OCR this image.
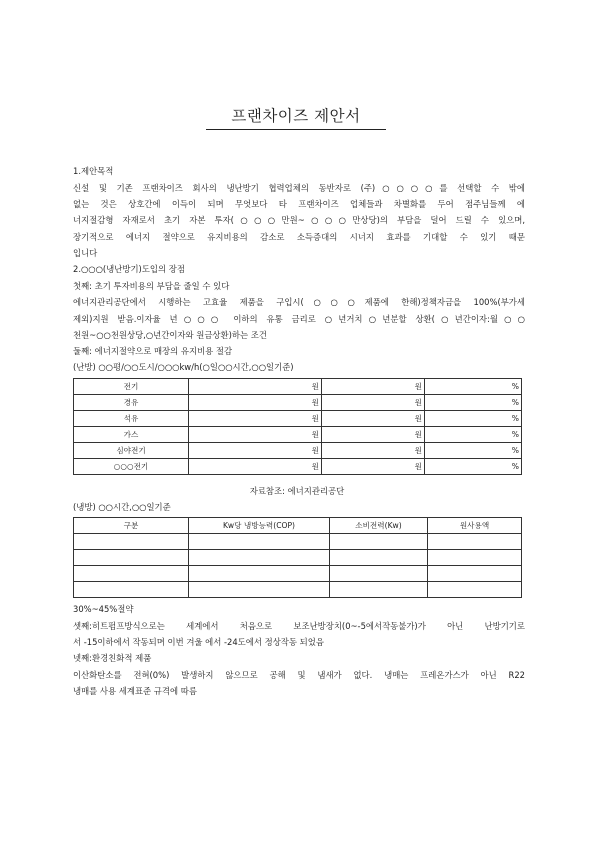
프랜차이즈 제안서
1.제안목적
신설 및 기존 프랜차이즈 회사의 냉난방기 협력업체의 동반자로 (주)○○○○를 선택할 수 밖에
없는 것은 상호간에 이득이 되며 무엇보다 타 프랜차이즈 업체들과 차별화를 두어 점주님들께 에
너지절감형 자재로서 초기 자본 투자(○○○만원~○○○만상당)의 부담을 덜어 드릴 수 있으며,
장기적으로 에너지 절약으로 유지비용의 감소로 소득증대의 시너지 효과를 기대할 수 있기 때문
입니다
2.○○○(냉난방기)도입의 장점
첫째: 초기 투자비용의 부담을 줄일 수 있다
에너지관리공단에서 시행하는 고효율 제품을 구입시(○○○제품에 한해)정책자금을 100%(부가세
제외)지원 받음.이자율 년○○○ 이하의 유통 금리로 ○년거치○년분할 상환(○년간이자:월○○
천원~○○천원상당,○년간이자와 원금상환)하는 조건
둘째: 에너지절약으로 매장의 유지비용 절감
(난방) ○○평/○○도시/○○○kw/h(○일○○시간,○○일기준)
전기	원	원	%
경유	원	원	%
석유	원	원	%
가스	원	원	%
심야전기	원	원	%
○○○전기	원	원	%
자료참조: 에너지관리공단
(냉방) ○○시간,○○일기준
구분	Kw당 냉방능력(COP)	소비전력(Kw)	원사용액

30%~45%절약
셋째:히트펌프방식으로는 세계에서 처음으로 보조난방장치(0~-5에서작동불가)가 아닌 난방기기로
서 -15이하에서 작동되며 이번 겨울 에서 -24도에서 정상작동 되었음
넷째:환경친화적 제품
이산화탄소를 전혀(0%) 발생하지 않으므로 공해 및 냄새가 없다. 냉매는 프레온가스가 아닌 R22
냉매를 사용 세계표준 규격에 따름
